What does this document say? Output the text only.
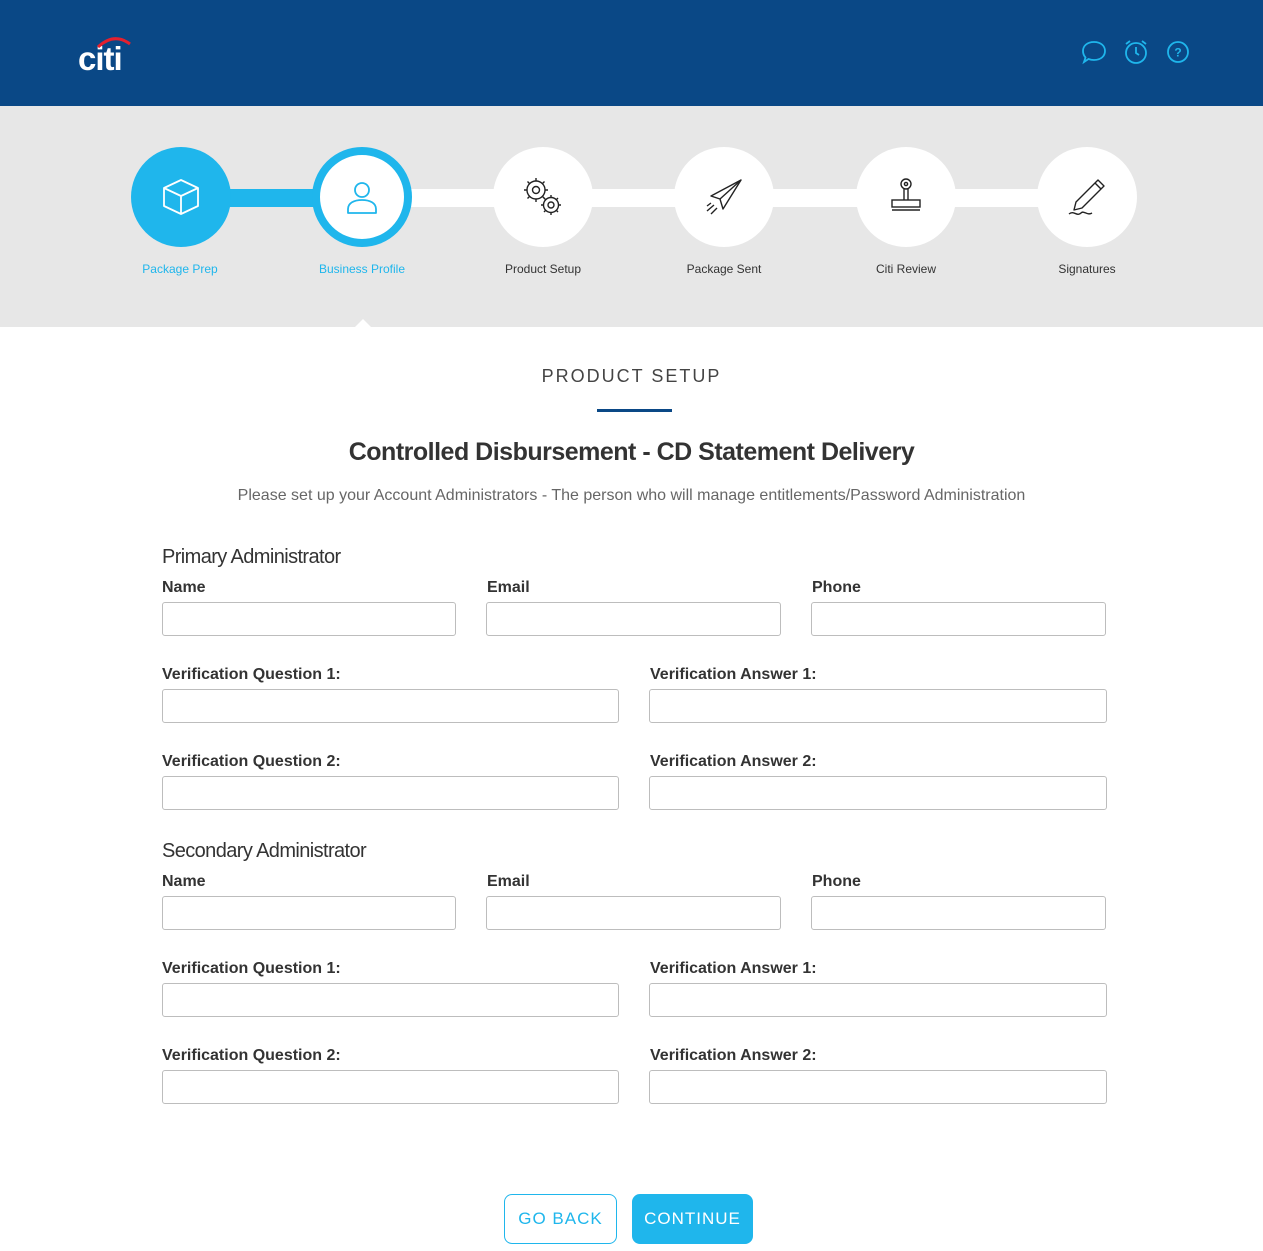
citi	?
Package Prep	Business Profile	Product Setup	Package Sent	Citi Review	Signatures
PRODUCT SETUP
Controlled Disbursement - CD Statement Delivery
Please set up your Account Administrators - The person who will manage entitlements/Password Administration
Primary Administrator
Name	Email	Phone
Verification Question 1:	Verification Answer 1:
Verification Question 2:	Verification Answer 2:
Secondary Administrator
Name	Email	Phone
Verification Question 1:	Verification Answer 1:
Verification Question 2:	Verification Answer 2:
GO BACK	CONTINUE
